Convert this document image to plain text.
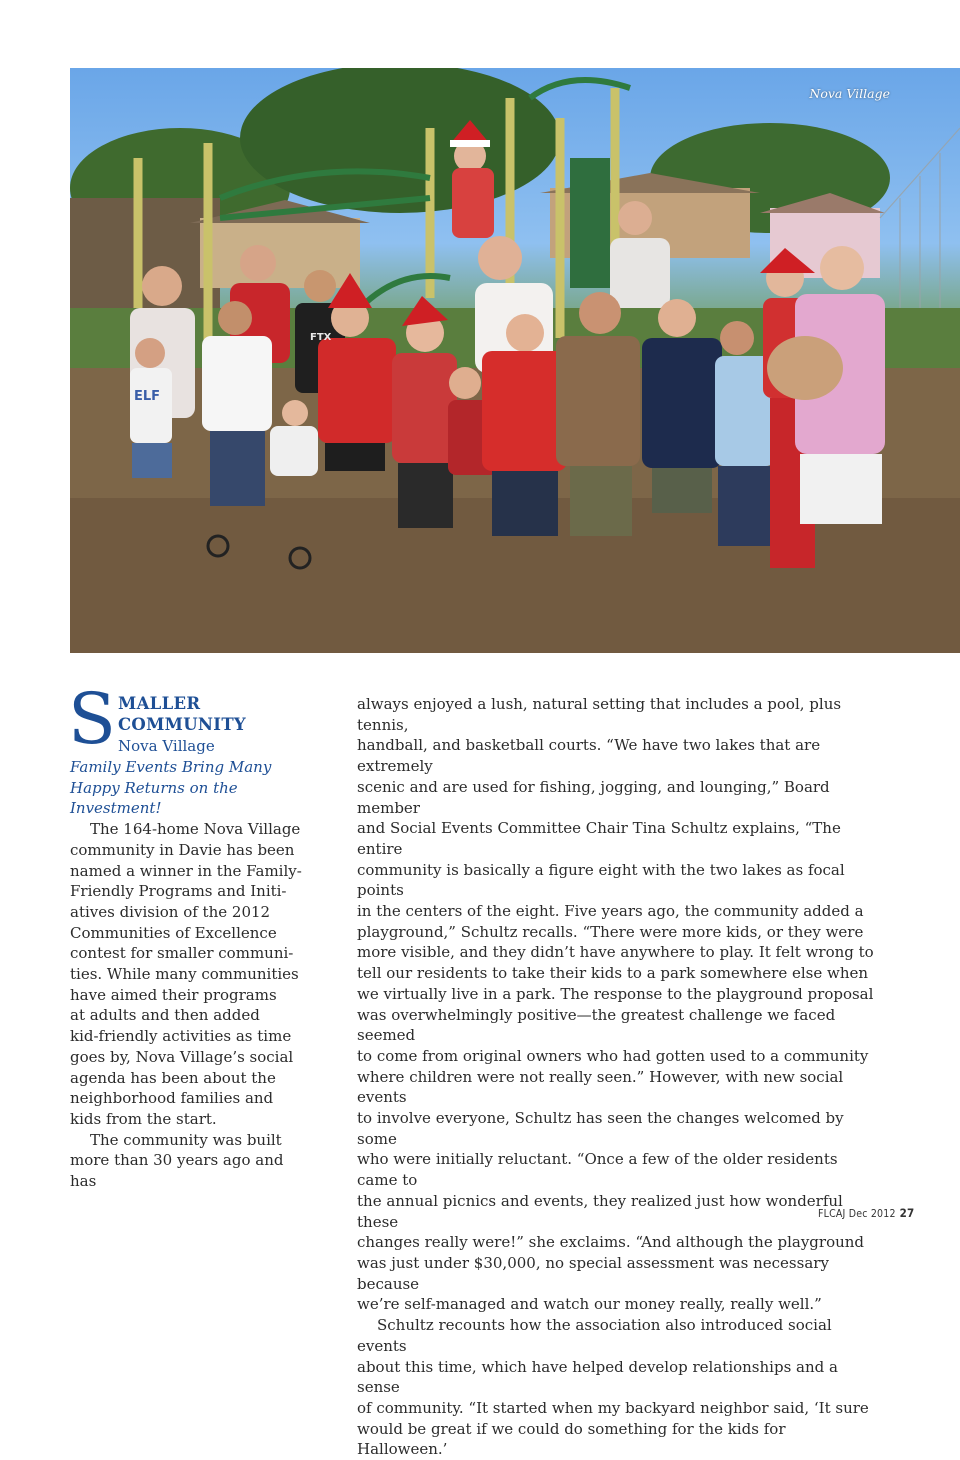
ELF
FTX
Nova Village
S MALLER
COMMUNITY
Nova Village

Family Events Bring Many

Happy Returns on the

Investment!

The 164-home Nova Village

community in Davie has been

named a winner in the Family-

Friendly Programs and Initi-

atives division of the 2012

Communities of Excellence

contest for smaller communi-

ties. While many communities

have aimed their programs

at adults and then added

kid-friendly activities as time

goes by, Nova Village’s social

agenda has been about the

neighborhood families and

kids from the start.

The community was built

more than 30 years ago and has

always enjoyed a lush, natural setting that includes a pool, plus tennis,

handball, and basketball courts. “We have two lakes that are extremely

scenic and are used for fishing, jogging, and lounging,” Board member

and Social Events Committee Chair Tina Schultz explains, “The entire

community is basically a figure eight with the two lakes as focal points

in the centers of the eight. Five years ago, the community added a

playground,” Schultz recalls. “There were more kids, or they were

more visible, and they didn’t have anywhere to play. It felt wrong to

tell our residents to take their kids to a park somewhere else when

we virtually live in a park. The response to the playground proposal

was overwhelmingly positive—the greatest challenge we faced seemed

to come from original owners who had gotten used to a community

where children were not really seen.” However, with new social events

to involve everyone, Schultz has seen the changes welcomed by some

who were initially reluctant. “Once a few of the older residents came to

the annual picnics and events, they realized just how wonderful these

changes really were!” she exclaims. “And although the playground

was just under $30,000, no special assessment was necessary because

we’re self-managed and watch our money really, really well.”

Schultz recounts how the association also introduced social events

about this time, which have helped develop relationships and a sense

of community. “It started when my backyard neighbor said, ‘It sure

would be great if we could do something for the kids for Halloween.’

FLCAJ Dec 2012 27
